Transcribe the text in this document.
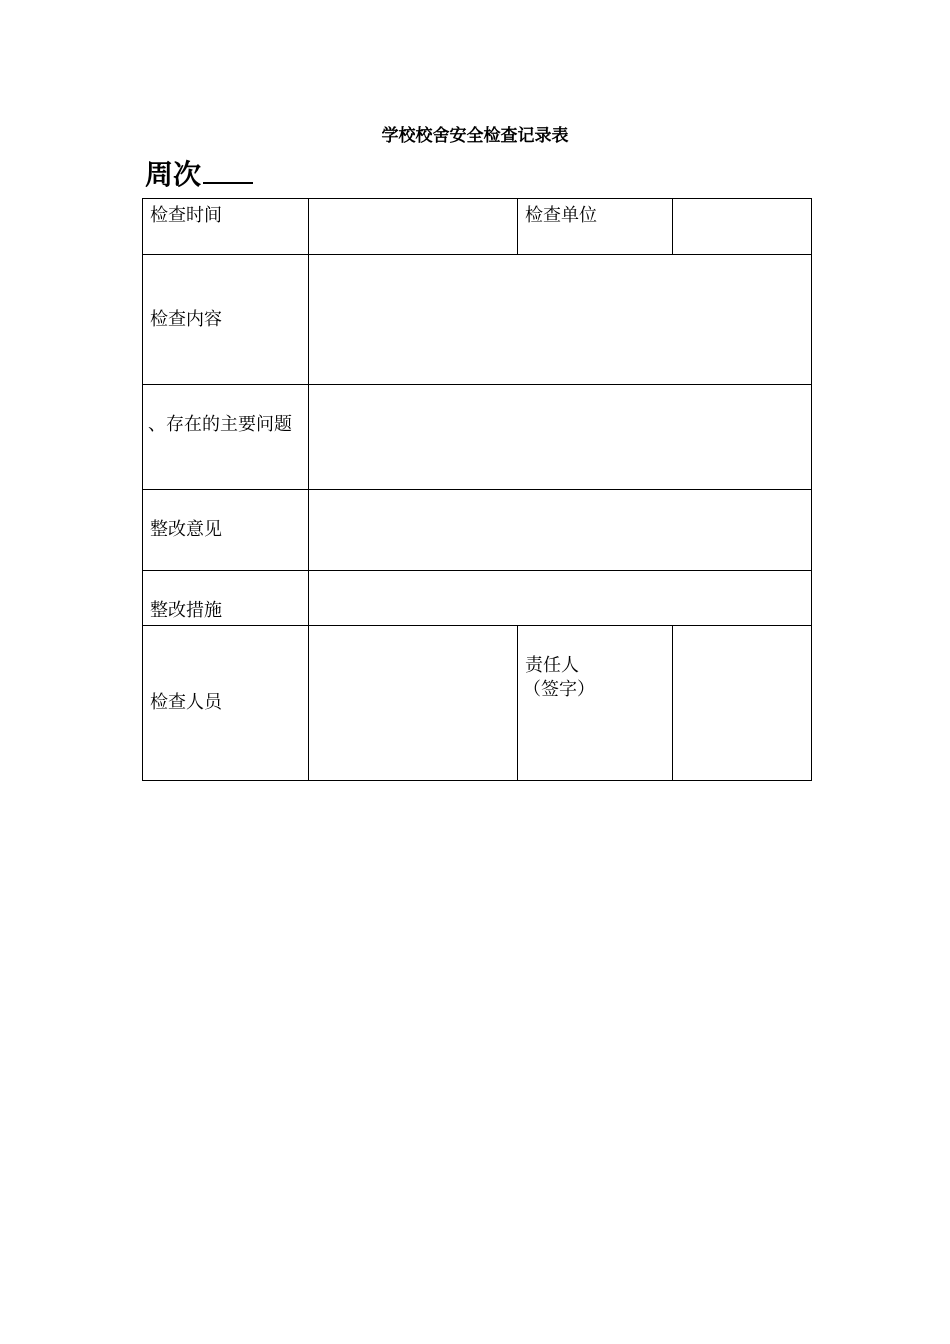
学校校舍安全检查记录表
周次
检查时间		检查单位	
检查内容			
、存在的主要问题			
整改意见			
整改措施			
检查人员		责任人
（签字）	
